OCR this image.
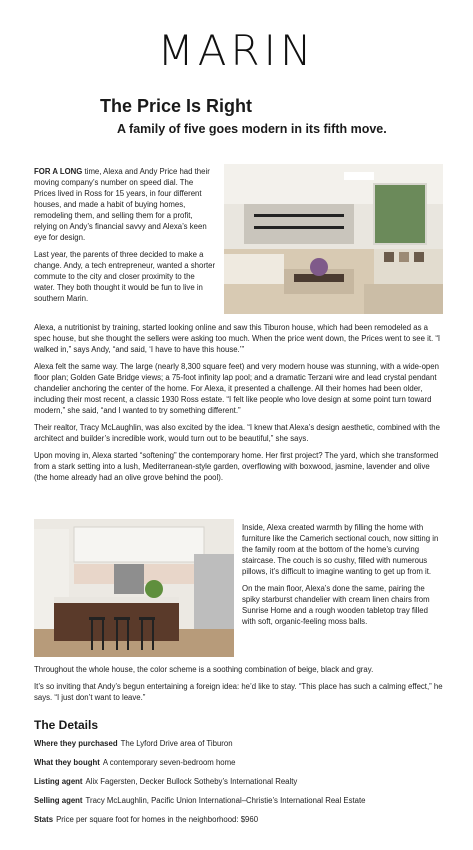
MARIN
The Price Is Right
A family of five goes modern in its fifth move.

FOR A LONG time, Alexa and Andy Price had their moving company’s number on speed dial. The Prices lived in Ross for 15 years, in four different houses, and made a habit of buying homes, remodeling them, and selling them for a profit, relying on Andy’s financial savvy and Alexa’s keen eye for design.

Last year, the parents of three decided to make a change. Andy, a tech entrepreneur, wanted a shorter commute to the city and closer proximity to the water. They both thought it would be fun to live in southern Marin.

Alexa, a nutritionist by training, started looking online and saw this Tiburon house, which had been remodeled as a spec house, but she thought the sellers were asking too much. When the price went down, the Prices went to see it. “I walked in,” says Andy, “and said, ‘I have to have this house.’”

Alexa felt the same way. The large (nearly 8,300 square feet) and very modern house was stunning, with a wide-open floor plan; Golden Gate Bridge views; a 75-foot infinity lap pool; and a dramatic Terzani wire and lead crystal pendant chandelier anchoring the center of the home. For Alexa, it presented a challenge. All their homes had been older, including their most recent, a classic 1930 Ross estate. “I felt like people who love design at some point turn toward modern,” she said, “and I wanted to try something different.”

Their realtor, Tracy McLaughlin, was also excited by the idea. “I knew that Alexa’s design aesthetic, combined with the architect and builder’s incredible work, would turn out to be beautiful,” she says.

Upon moving in, Alexa started “softening” the contemporary home. Her first project? The yard, which she transformed from a stark setting into a lush, Mediterranean-style garden, overflowing with boxwood, jasmine, lavender and olive (the home already had an olive grove behind the pool).

Inside, Alexa created warmth by filling the home with furniture like the Camerich sectional couch, now sitting in the family room at the bottom of the home’s curving staircase. The couch is so cushy, filled with numerous pillows, it’s difficult to imagine wanting to get up from it.

On the main floor, Alexa’s done the same, pairing the spiky starburst chandelier with cream linen chairs from Sunrise Home and a rough wooden tabletop tray filled with soft, organic-feeling moss balls.

Throughout the whole house, the color scheme is a soothing combination of beige, black and gray.

It’s so inviting that Andy’s begun entertaining a foreign idea: he’d like to stay. “This place has such a calming effect,” he says. “I just don’t want to leave.”

The Details
Where they purchased The Lyford Drive area of Tiburon
What they bought A contemporary seven-bedroom home
Listing agent Alix Fagersten, Decker Bullock Sotheby’s International Realty
Selling agent Tracy McLaughlin, Pacific Union International–Christie’s International Real Estate
Stats Price per square foot for homes in the neighborhood: $960
